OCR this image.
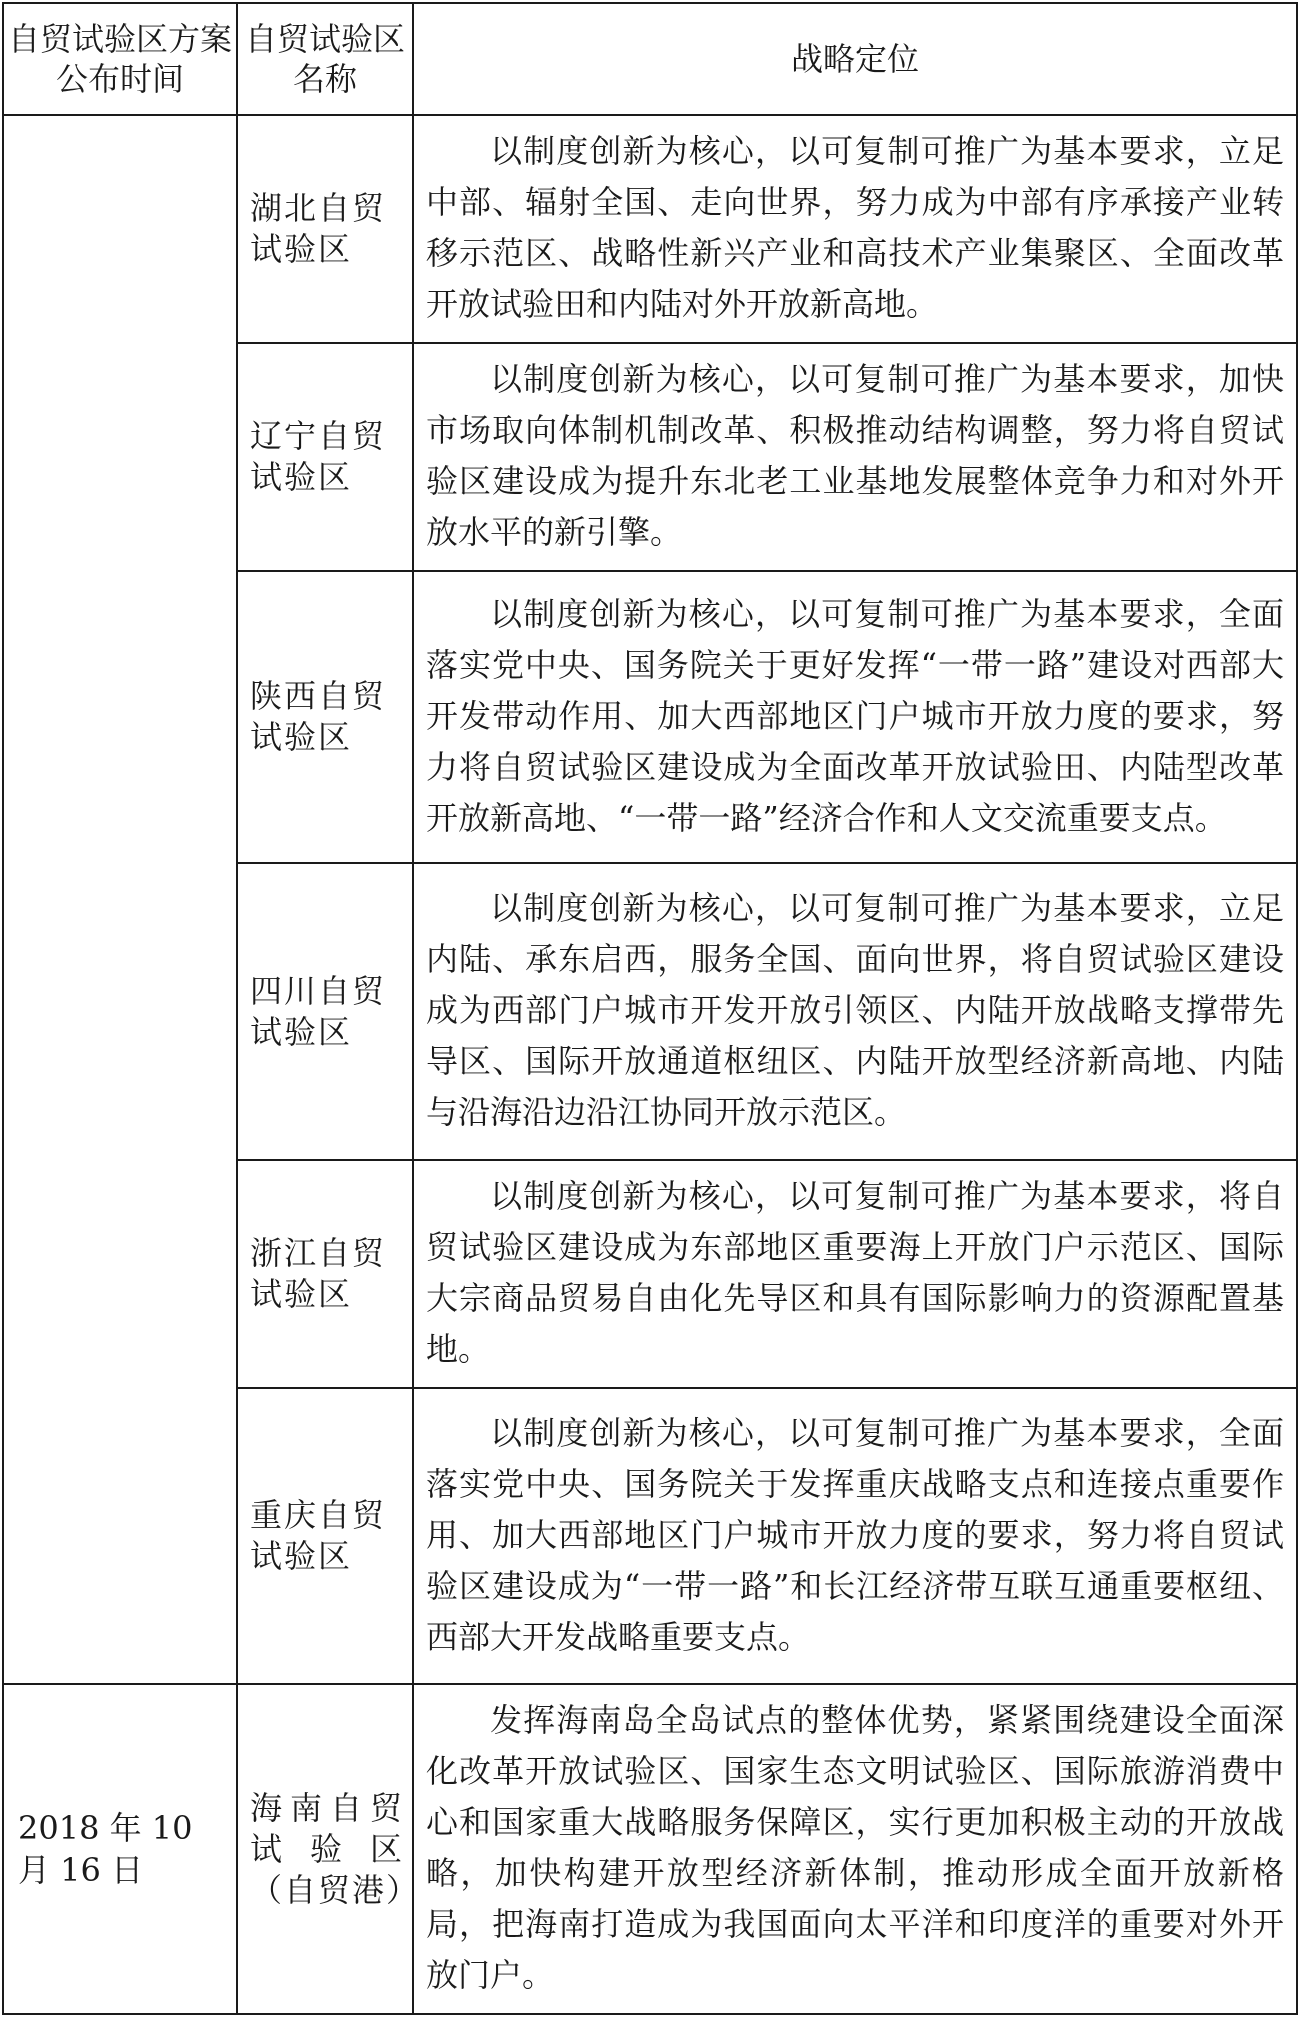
自贸试验区方案公布时间	自贸试验区名称	战略定位
	湖北自贸试验区	以制度创新为核心，以可复制可推广为基本要求，立足中部、辐射全国、走向世界，努力成为中部有序承接产业转移示范区、战略性新兴产业和高技术产业集聚区、全面改革开放试验田和内陆对外开放新高地。

	辽宁自贸试验区	以制度创新为核心，以可复制可推广为基本要求，加快市场取向体制机制改革、积极推动结构调整，努力将自贸试验区建设成为提升东北老工业基地发展整体竞争力和对外开放水平的新引擎。

	陕西自贸试验区	以制度创新为核心，以可复制可推广为基本要求，全面落实党中央、国务院关于更好发挥“一带一路”建设对西部大开发带动作用、加大西部地区门户城市开放力度的要求，努力将自贸试验区建设成为全面改革开放试验田、内陆型改革开放新高地、“一带一路”经济合作和人文交流重要支点。

	四川自贸试验区	以制度创新为核心，以可复制可推广为基本要求，立足内陆、承东启西，服务全国、面向世界，将自贸试验区建设成为西部门户城市开发开放引领区、内陆开放战略支撑带先导区、国际开放通道枢纽区、内陆开放型经济新高地、内陆与沿海沿边沿江协同开放示范区。

	浙江自贸试验区	以制度创新为核心，以可复制可推广为基本要求，将自贸试验区建设成为东部地区重要海上开放门户示范区、国际大宗商品贸易自由化先导区和具有国际影响力的资源配置基地。

	重庆自贸试验区	以制度创新为核心，以可复制可推广为基本要求，全面落实党中央、国务院关于发挥重庆战略支点和连接点重要作用、加大西部地区门户城市开放力度的要求，努力将自贸试验区建设成为“一带一路”和长江经济带互联互通重要枢纽、西部大开发战略重要支点。

2018 年 10 月 16 日	海南自贸试验区（自贸港）	发挥海南岛全岛试点的整体优势，紧紧围绕建设全面深化改革开放试验区、国家生态文明试验区、国际旅游消费中心和国家重大战略服务保障区，实行更加积极主动的开放战略，加快构建开放型经济新体制，推动形成全面开放新格局，把海南打造成为我国面向太平洋和印度洋的重要对外开放门户。
